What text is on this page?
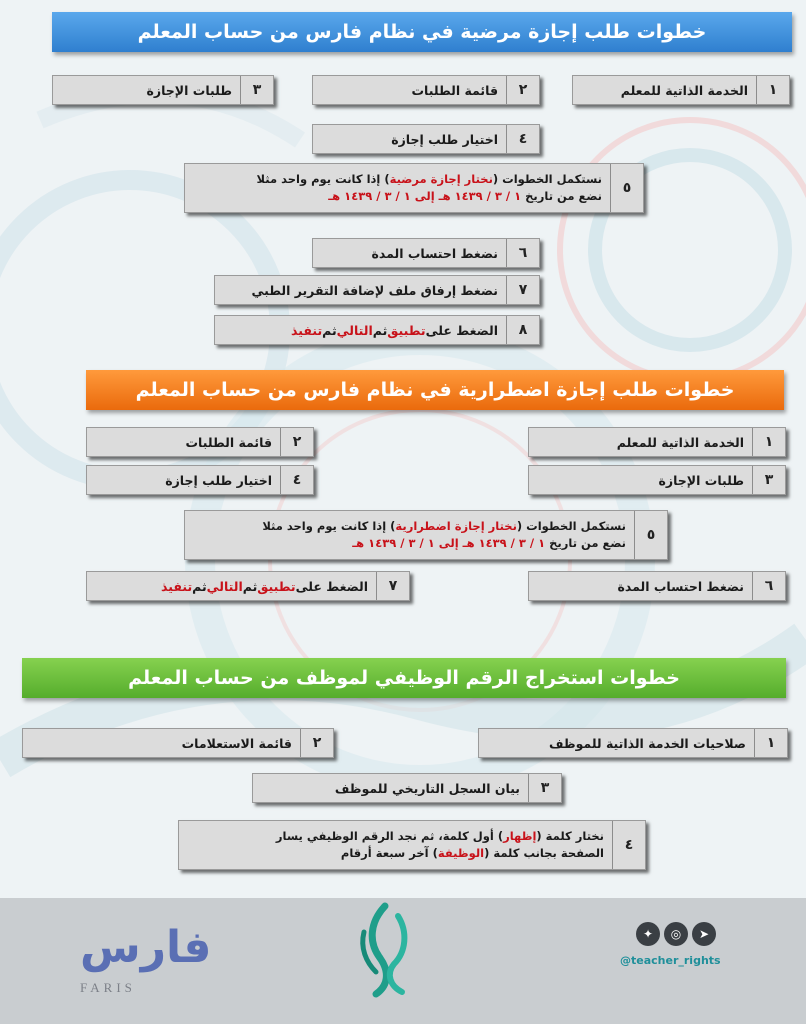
خطوات طلب إجازة مرضية في نظام فارس من حساب المعلم
١
الخدمة الذاتية للمعلم
٢
قائمة الطلبات
٣
طلبات الإجازة
٤
اختيار طلب إجازة
٥
نستكمل الخطوات (نختار إجازة مرضية) إذا كانت يوم واحد مثلا
نضع من تاريخ ١ / ٣ / ١٤٣٩ هـ إلى ١ / ٣ / ١٤٣٩ هـ
٦
نضغط احتساب المدة
٧
نضغط إرفاق ملف لإضافة التقرير الطبي
٨
الضغط على
تطبيق
ثم
التالي
ثم
تنفيذ
خطوات طلب إجازة اضطرارية في نظام فارس من حساب المعلم
١
الخدمة الذاتية للمعلم
٢
قائمة الطلبات
٣
طلبات الإجازة
٤
اختيار طلب إجازة
٥
نستكمل الخطوات (نختار إجازة اضطرارية) إذا كانت يوم واحد مثلا
نضع من تاريخ ١ / ٣ / ١٤٣٩ هـ إلى ١ / ٣ / ١٤٣٩ هـ
٦
نضغط احتساب المدة
٧
الضغط على
تطبيق
ثم
التالي
ثم
تنفيذ
خطوات استخراج الرقم الوظيفي لموظف من حساب المعلم
١
صلاحيات الخدمة الذاتية للموظف
٢
قائمة الاستعلامات
٣
بيان السجل التاريخي للموظف
٤
نختار كلمة (إظهار) أول كلمة، ثم نجد الرقم الوظيفي يسار
الصفحة بجانب كلمة (الوظيفة) آخر سبعة أرقام
فارس
FARIS
➤
◎
✦
@teacher_rights
